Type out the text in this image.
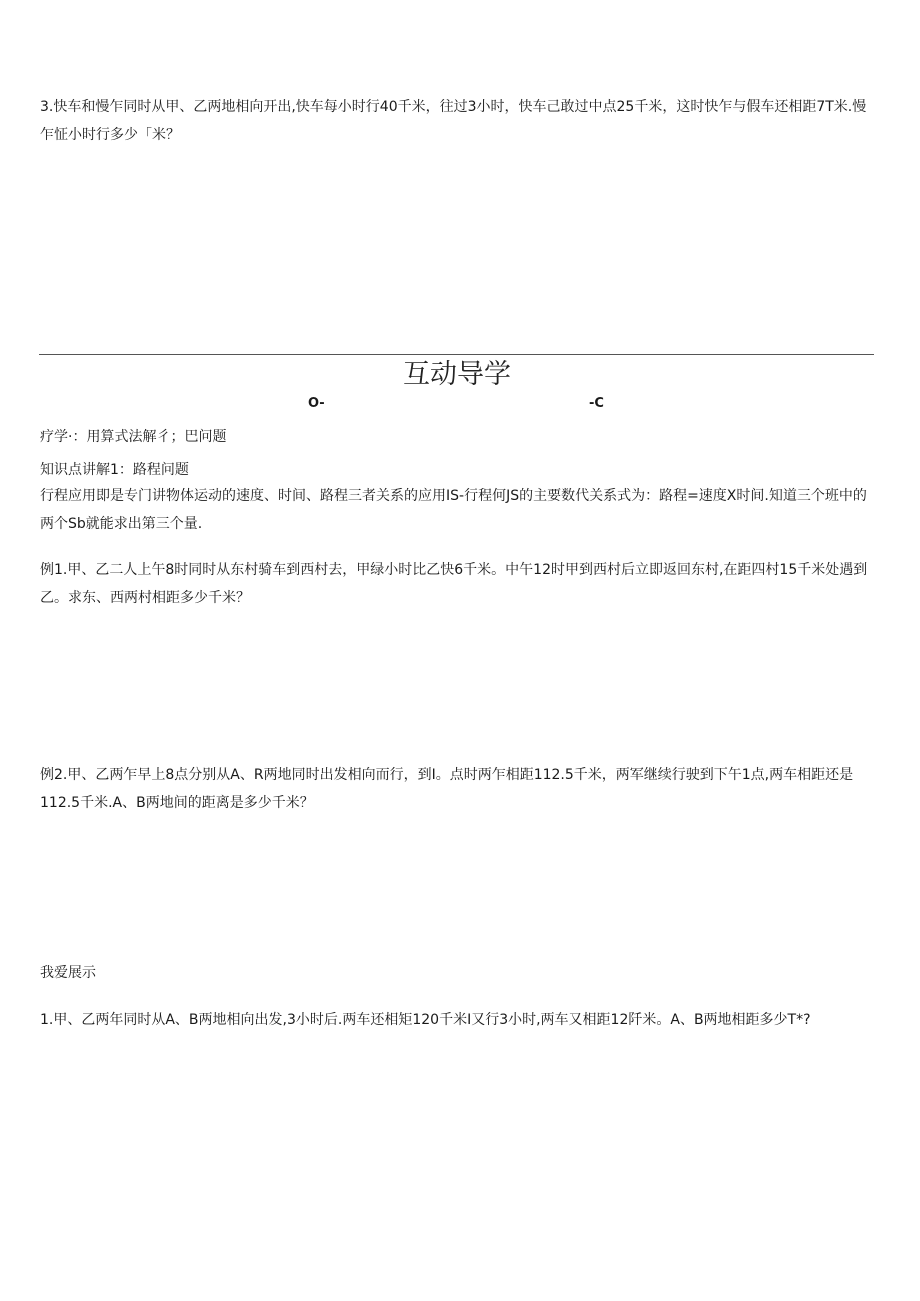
3.快车和慢乍同时从甲、乙两地相向开出,快车每小时行40千米，往过3小时，快车己敢过中点25千米，这时快乍与假车还相距7T米.慢乍怔小时行多少「米？

互动导学
O-	-C

疗学·：用算式法解彳；巴问题

知识点讲解1：路程问题

行程应用即是专门讲物体运动的速度、时间、路程三者关系的应用IS-行程何JS的主要数代关系式为：路程=速度X时间.知道三个班中的两个Sb就能求出第三个量.

例1.甲、乙二人上午8时同时从东村骑车到西村去，甲绿小时比乙快6千米。中午12时甲到西村后立即返回东村,在距四村15千米处遇到乙。求东、西两村相距多少千米？

例2.甲、乙两乍早上8点分别从A、R两地同时出发相向而行，到I。点时两乍相距112.5千米，两军继续行驶到下午1点,两车相距还是112.5千米.A、B两地间的距离是多少千米？

我爱展示

1.甲、乙两年同时从A、B两地相向出发,3小时后.两车还相矩120千米I又行3小时,两车又相距12阡米。A、B两地相距多少T*?
